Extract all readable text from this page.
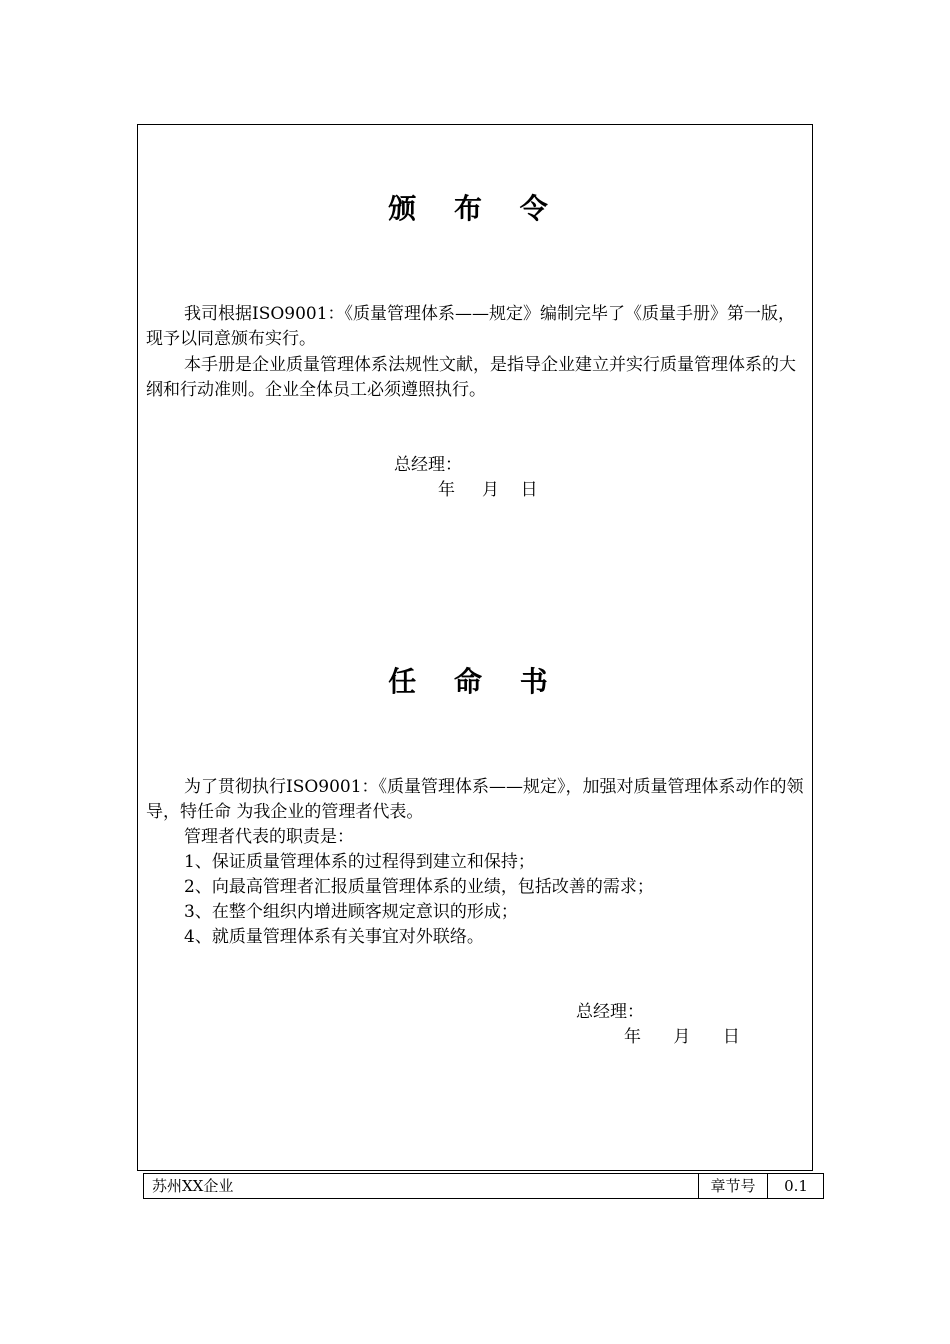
颁 布 令
我司根据ISO9001：《质量管理体系——规定》编制完毕了《质量手册》第一版，现予以同意颁布实行。
本手册是企业质量管理体系法规性文献，是指导企业建立并实行质量管理体系的大纲和行动准则。企业全体员工必须遵照执行。
总经理：
年     月    日
任 命 书
为了贯彻执行ISO9001：《质量管理体系——规定》，加强对质量管理体系动作的领导，特任命 为我企业的管理者代表。
管理者代表的职责是：
1、保证质量管理体系的过程得到建立和保持；
2、向最高管理者汇报质量管理体系的业绩，包括改善的需求；
3、在整个组织内增进顾客规定意识的形成；
4、就质量管理体系有关事宜对外联络。
总经理：
年      月      日
苏州XX企业	章节号	0.1
